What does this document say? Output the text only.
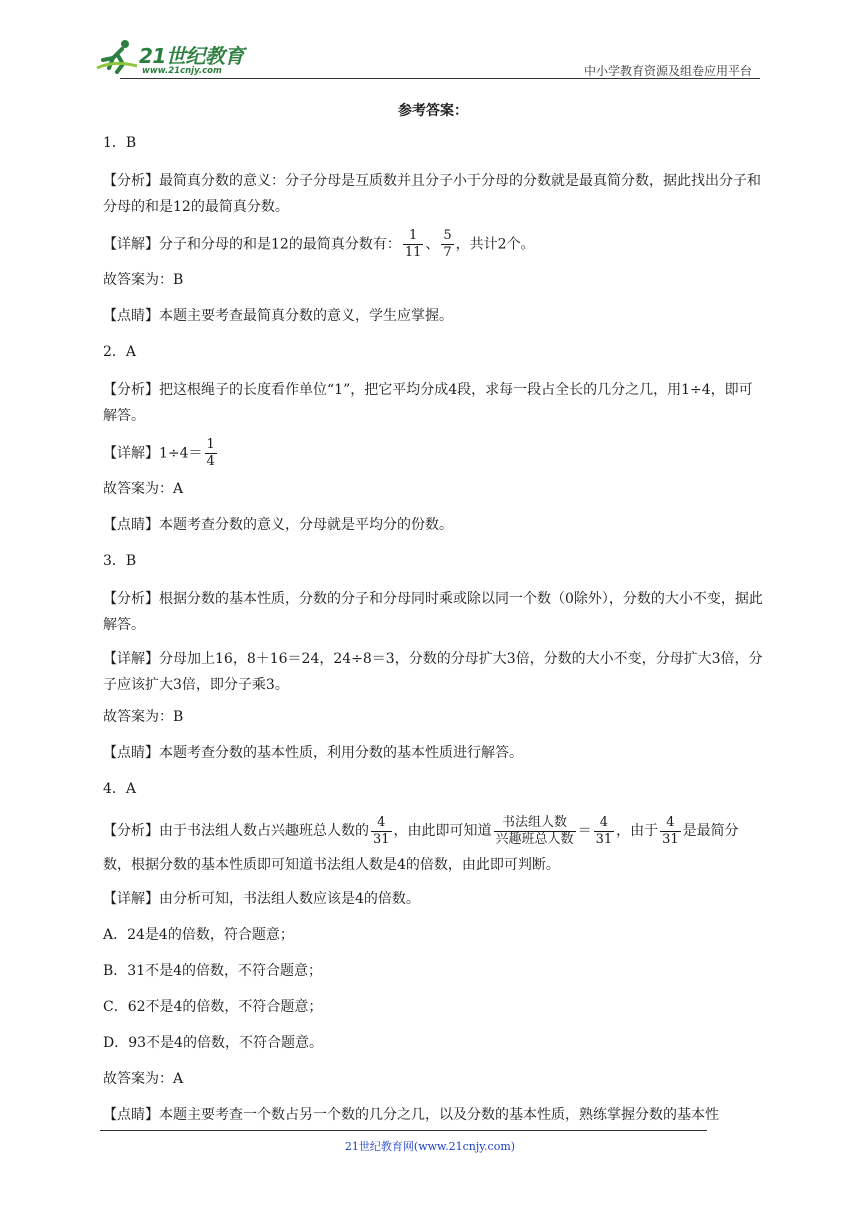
21世纪教育
www.21cnjy.com	中小学教育资源及组卷应用平台
参考答案：
1．B
【分析】最简真分数的意义：分子分母是互质数并且分子小于分母的分数就是最真简分数，据此找出分子和分母的和是12的最简真分数。
【详解】分子和分母的和是12的最简真分数有： $\frac{1}{11}$ 、 $\frac{5}{7}$ ，共计2个。
故答案为：B
【点睛】本题主要考查最简真分数的意义，学生应掌握。
2．A
【分析】把这根绳子的长度看作单位“1”，把它平均分成4段，求每一段占全长的几分之几，用1÷4，即可解答。
【详解】$1\div 4= \frac{1}{4}$
故答案为：A
【点睛】本题考查分数的意义，分母就是平均分的份数。
3．B
【分析】根据分数的基本性质，分数的分子和分母同时乘或除以同一个数（0除外），分数的大小不变，据此解答。
【详解】分母加上16，8＋16＝24，24÷8＝3，分数的分母扩大3倍，分数的大小不变，分母扩大3倍，分子应该扩大3倍，即分子乘3。
故答案为：B
【点睛】本题考查分数的基本性质，利用分数的基本性质进行解答。
4．A
【分析】由于书法组人数占兴趣班总人数的 $\frac{4}{31}$ ，由此即可知道 $\frac{\text{书法组人数}}{\text{兴趣班总人数}} = \frac{4}{31}$ ，由于 $\frac{4}{31}$ 是最简分数，根据分数的基本性质即可知道书法组人数是4的倍数，由此即可判断。
【详解】由分析可知，书法组人数应该是4的倍数。
A．24是4的倍数，符合题意；
B．31不是4的倍数，不符合题意；
C．62不是4的倍数，不符合题意；
D．93不是4的倍数，不符合题意。
故答案为：A
【点睛】本题主要考查一个数占另一个数的几分之几，以及分数的基本性质，熟练掌握分数的基本性
21世纪教育网(www.21cnjy.com)
